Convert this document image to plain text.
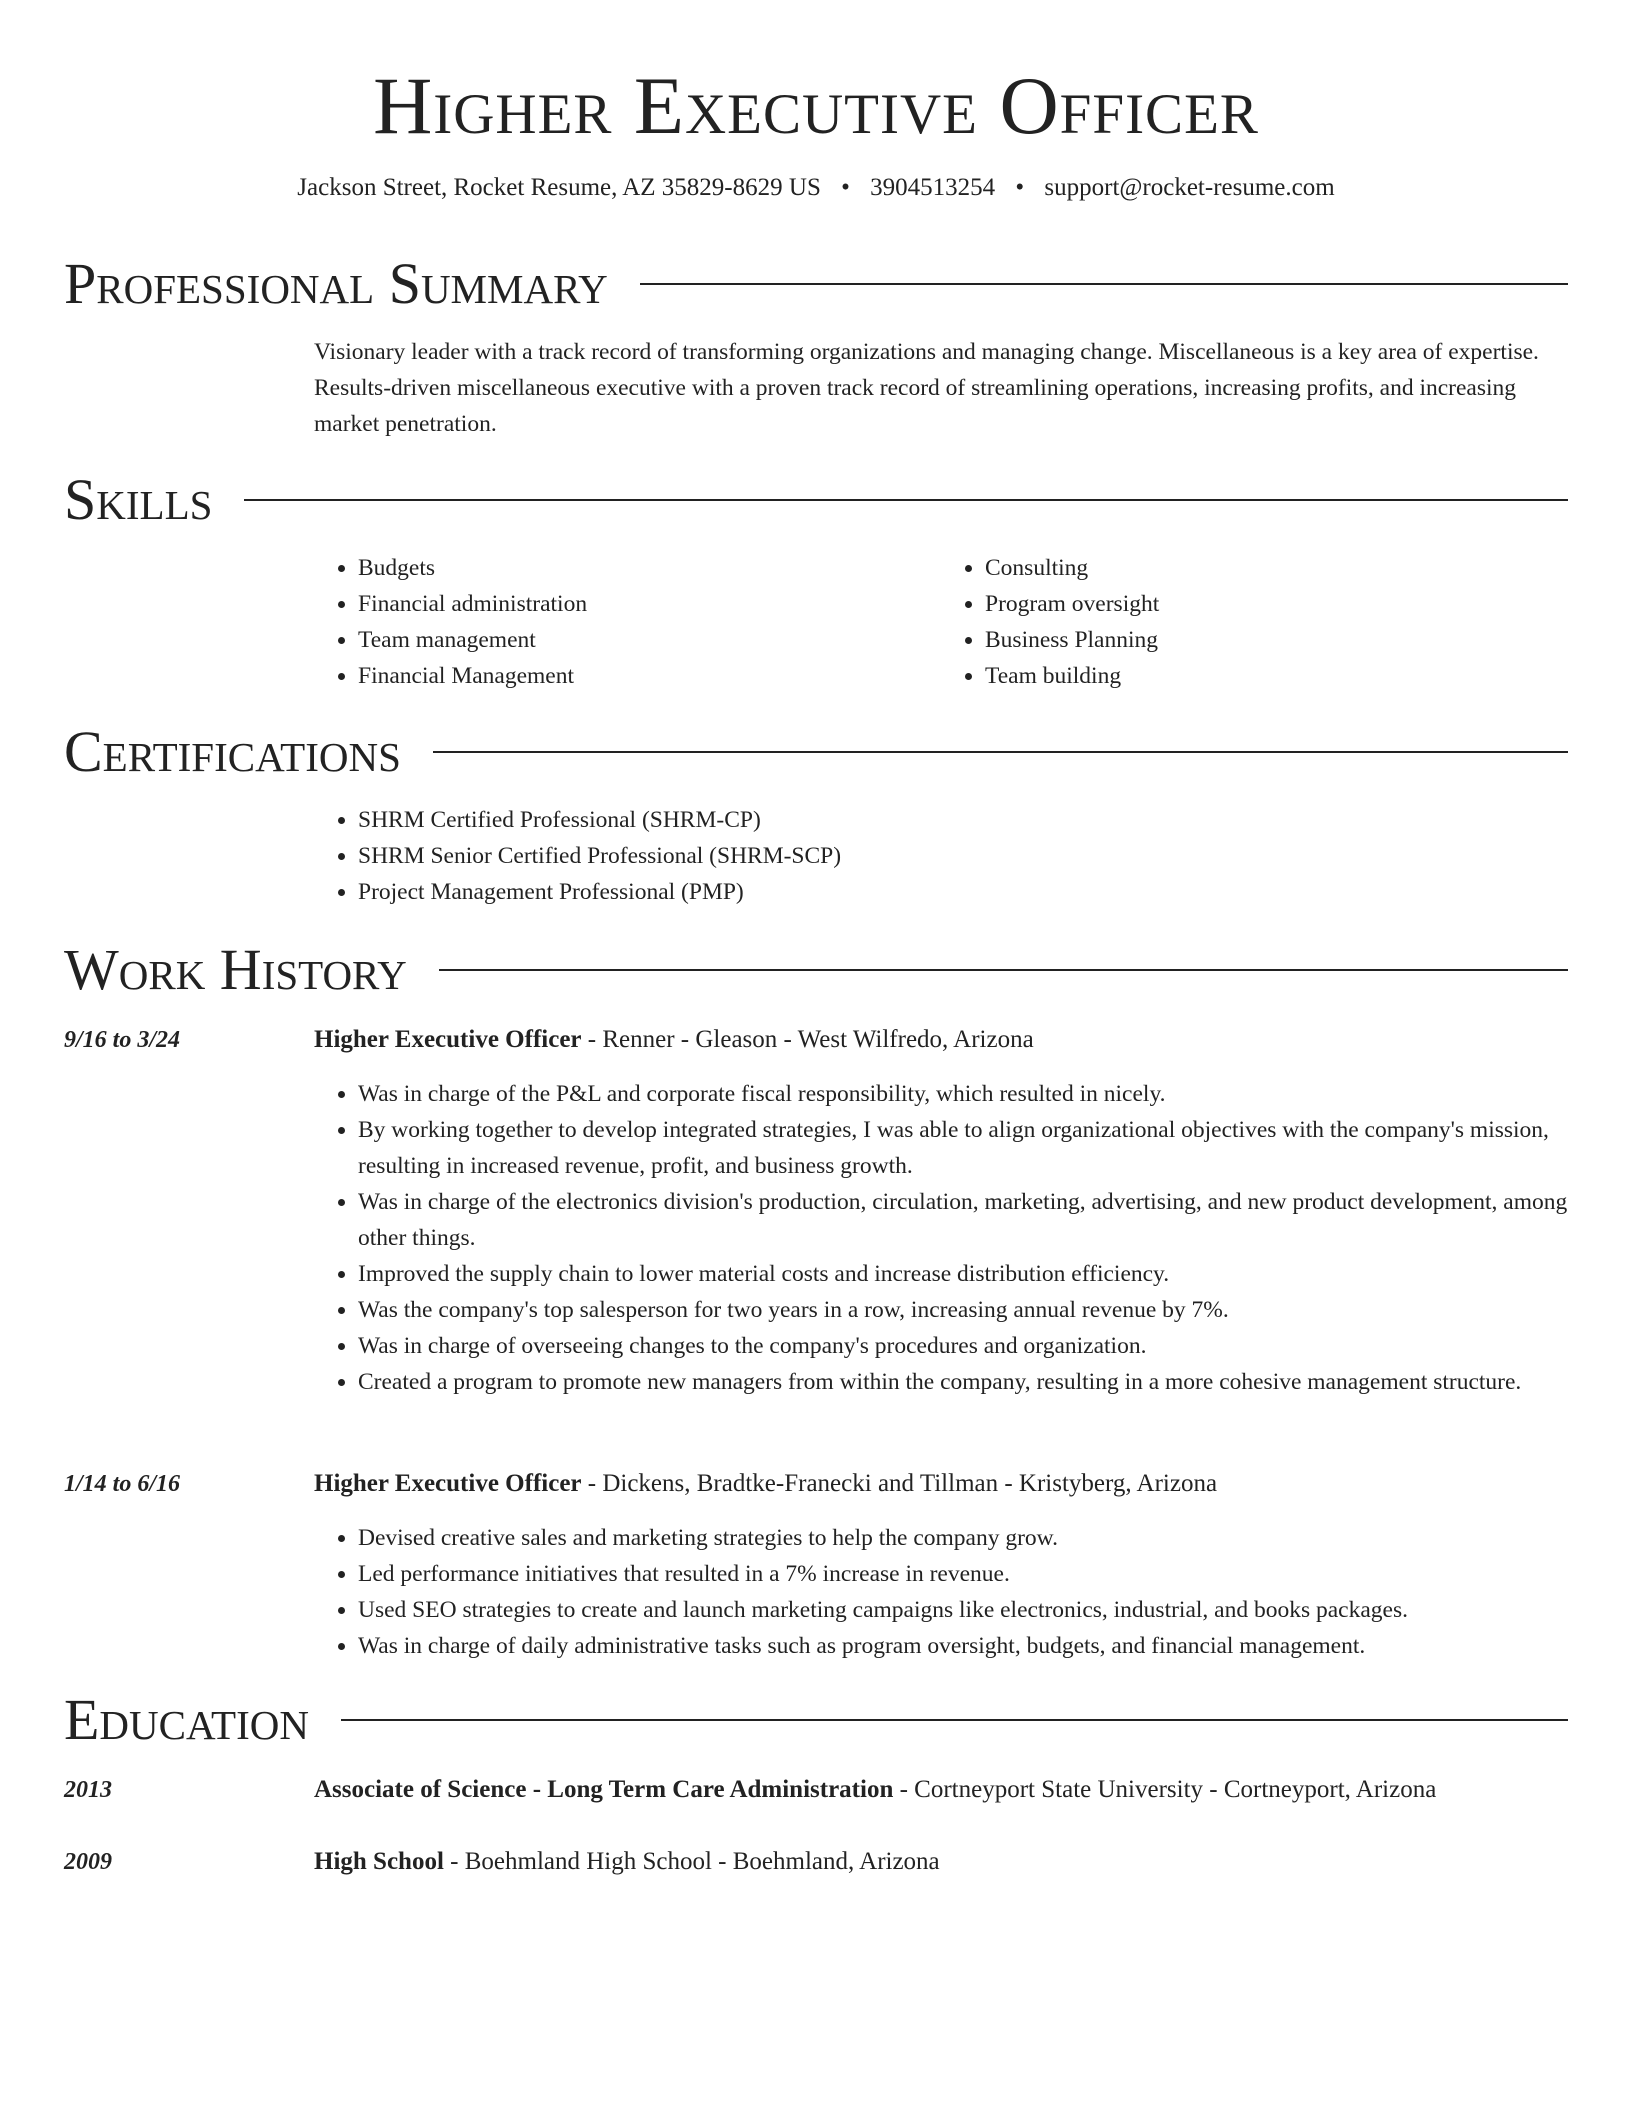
Higher Executive Officer
Jackson Street, Rocket Resume, AZ 35829-8629 US • 3904513254 • support@rocket-resume.com
Professional Summary

Visionary leader with a track record of transforming organizations and managing change. Miscellaneous is a key area of expertise. Results-driven miscellaneous executive with a proven track record of streamlining operations, increasing profits, and increasing market penetration.

Skills
• Budgets
• Financial administration
• Team management
• Financial Management
• Consulting
• Program oversight
• Business Planning
• Team building
Certifications
• SHRM Certified Professional (SHRM-CP)
• SHRM Senior Certified Professional (SHRM-SCP)
• Project Management Professional (PMP)
Work History
9/16 to 3/24	Higher Executive Officer - Renner - Gleason - West Wilfredo, Arizona
• Was in charge of the P&L and corporate fiscal responsibility, which resulted in nicely.
• By working together to develop integrated strategies, I was able to align organizational objectives with the company's mission, resulting in increased revenue, profit, and business growth.
• Was in charge of the electronics division's production, circulation, marketing, advertising, and new product development, among other things.
• Improved the supply chain to lower material costs and increase distribution efficiency.
• Was the company's top salesperson for two years in a row, increasing annual revenue by 7%.
• Was in charge of overseeing changes to the company's procedures and organization.
• Created a program to promote new managers from within the company, resulting in a more cohesive management structure.
1/14 to 6/16	Higher Executive Officer - Dickens, Bradtke-Franecki and Tillman - Kristyberg, Arizona
• Devised creative sales and marketing strategies to help the company grow.
• Led performance initiatives that resulted in a 7% increase in revenue.
• Used SEO strategies to create and launch marketing campaigns like electronics, industrial, and books packages.
• Was in charge of daily administrative tasks such as program oversight, budgets, and financial management.
Education
2013	Associate of Science - Long Term Care Administration - Cortneyport State University - Cortneyport, Arizona
2009	High School - Boehmland High School - Boehmland, Arizona
